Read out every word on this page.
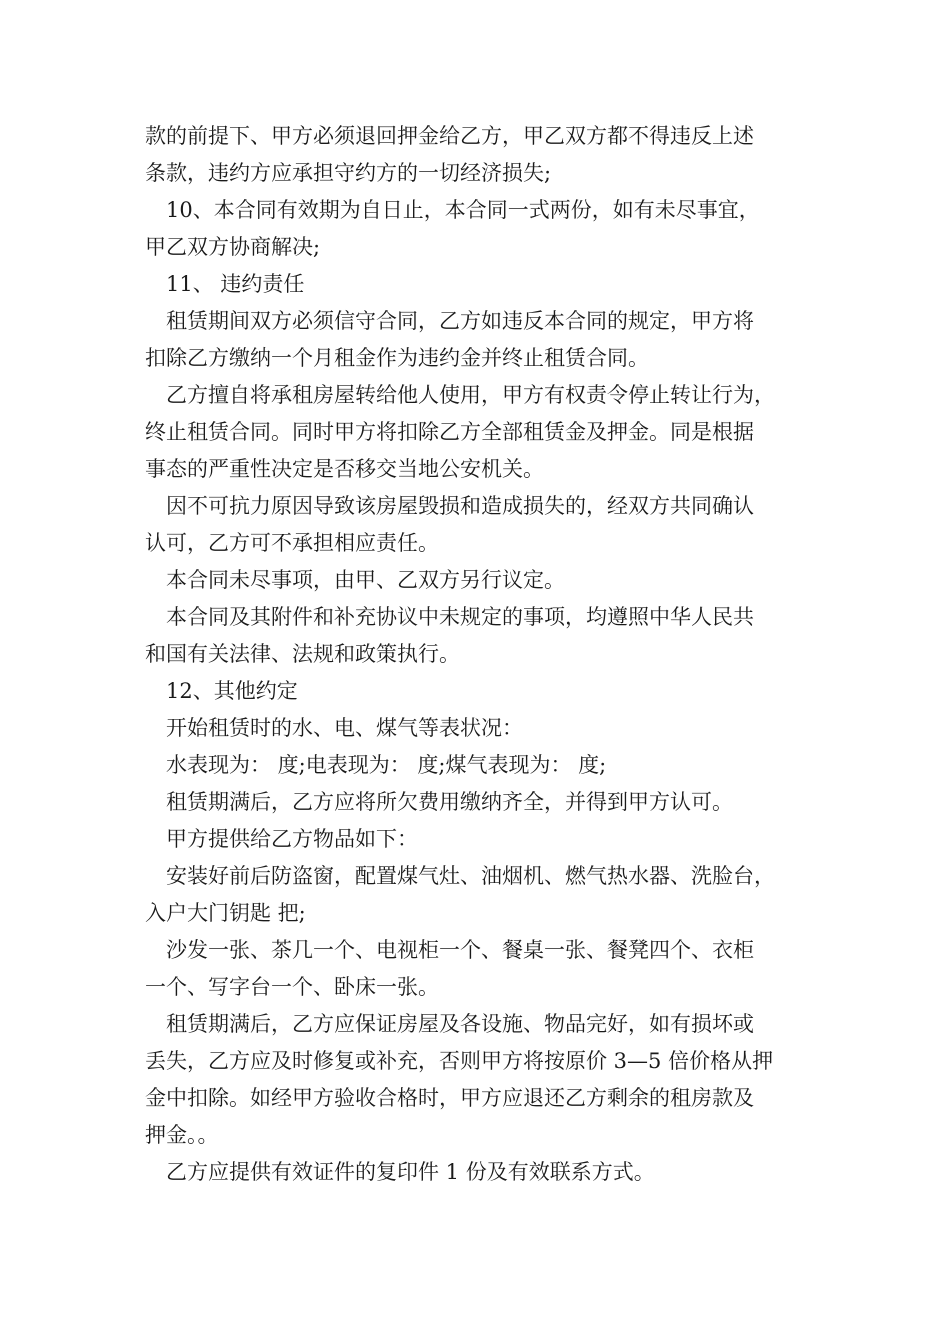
款的前提下、甲方必须退回押金给乙方，甲乙双方都不得违反上述
条款，违约方应承担守约方的一切经济损失;
10、本合同有效期为自日止，本合同一式两份，如有未尽事宜，
甲乙双方协商解决;
11、 违约责任
租赁期间双方必须信守合同，乙方如违反本合同的规定，甲方将
扣除乙方缴纳一个月租金作为违约金并终止租赁合同。
乙方擅自将承租房屋转给他人使用，甲方有权责令停止转让行为，
终止租赁合同。同时甲方将扣除乙方全部租赁金及押金。同是根据
事态的严重性决定是否移交当地公安机关。
因不可抗力原因导致该房屋毁损和造成损失的，经双方共同确认
认可，乙方可不承担相应责任。
本合同未尽事项，由甲、乙双方另行议定。
本合同及其附件和补充协议中未规定的事项，均遵照中华人民共
和国有关法律、法规和政策执行。
12、其他约定
开始租赁时的水、电、煤气等表状况：
水表现为： 度;电表现为： 度;煤气表现为： 度;
租赁期满后，乙方应将所欠费用缴纳齐全，并得到甲方认可。
甲方提供给乙方物品如下：
安装好前后防盗窗，配置煤气灶、油烟机、燃气热水器、洗脸台，
入户大门钥匙 把;
沙发一张、茶几一个、电视柜一个、餐桌一张、餐凳四个、衣柜
一个、写字台一个、卧床一张。
租赁期满后，乙方应保证房屋及各设施、物品完好，如有损坏或
丢失，乙方应及时修复或补充，否则甲方将按原价 3—5 倍价格从押
金中扣除。如经甲方验收合格时，甲方应退还乙方剩余的租房款及
押金。。
乙方应提供有效证件的复印件 1 份及有效联系方式。
